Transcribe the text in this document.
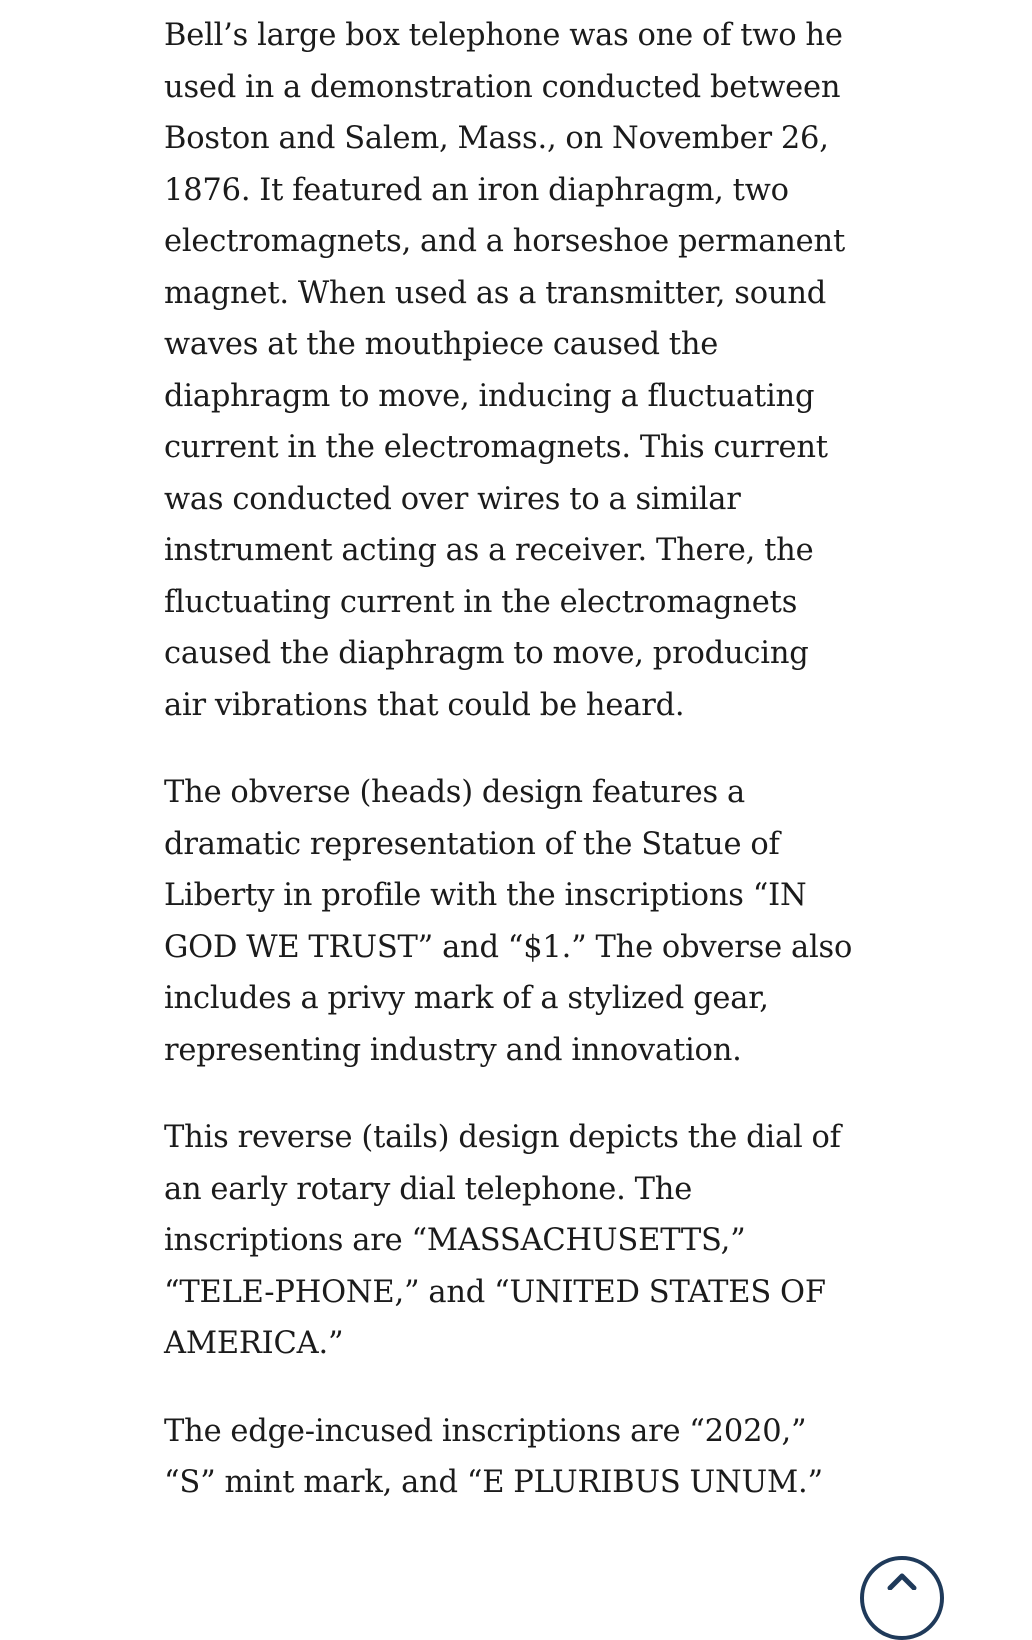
Bell’s large box telephone was one of two he used in a demonstration conducted between Boston and Salem, Mass., on November 26, 1876. It featured an iron diaphragm, two electromagnets, and a horseshoe permanent magnet. When used as a transmitter, sound waves at the mouthpiece caused the diaphragm to move, inducing a fluctuating current in the electromagnets. This current was conducted over wires to a similar instrument acting as a receiver. There, the fluctuating current in the electromagnets caused the diaphragm to move, producing air vibrations that could be heard.

The obverse (heads) design features a dramatic representation of the Statue of Liberty in profile with the inscriptions “IN GOD WE TRUST” and “$1.” The obverse also includes a privy mark of a stylized gear, representing industry and innovation.

This reverse (tails) design depicts the dial of an early rotary dial telephone. The inscriptions are “MASSACHUSETTS,” “TELE-PHONE,” and “UNITED STATES OF AMERICA.”

The edge-incused inscriptions are “2020,” “S” mint mark, and “E PLURIBUS UNUM.”
